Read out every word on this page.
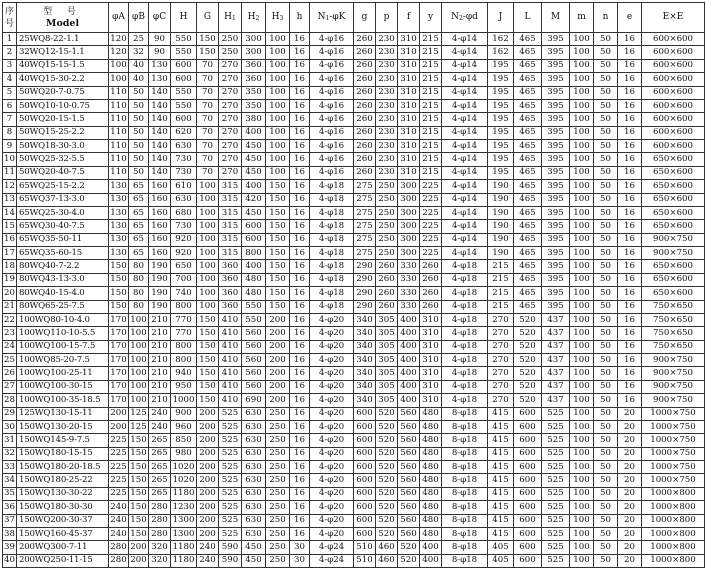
序
号	型 号
Model	φA	φB	φC	H	G	$H_1$	$H_2$	$H_3$	h	$N_1-\varphi K$	g	p	f	y	$N_2-\varphi d$	J	L	M	m	n	e	E×E
1	25WQ8-22-1.1	120	25	90	550	150	250	300	100	16	4-φ16	260	230	310	215	4-φ14	162	465	395	100	50	16	600×600
2	32WQ12-15-1.1	120	32	90	550	150	250	300	100	16	4-φ16	260	230	310	215	4-φ14	162	465	395	100	50	16	600×600
3	40WQ15-15-1.5	100	40	130	600	70	270	360	100	16	4-φ16	260	230	310	215	4-φ14	195	465	395	100	50	16	600×600
4	40WQ15-30-2.2	100	40	130	600	70	270	360	100	16	4-φ16	260	230	310	215	4-φ14	195	465	395	100	50	16	600×600
5	50WQ20-7-0.75	110	50	140	550	70	270	350	100	16	4-φ16	260	230	310	215	4-φ14	195	465	395	100	50	16	600×600
6	50WQ10-10-0.75	110	50	140	550	70	270	350	100	16	4-φ16	260	230	310	215	4-φ14	195	465	395	100	50	16	600×600
7	50WQ20-15-1.5	110	50	140	600	70	270	380	100	16	4-φ16	260	230	310	215	4-φ14	195	465	395	100	50	16	600×600
8	50WQ15-25-2.2	110	50	140	620	70	270	400	100	16	4-φ16	260	230	310	215	4-φ14	195	465	395	100	50	16	600×600
9	50WQ18-30-3.0	110	50	140	630	70	270	450	100	16	4-φ16	260	230	310	215	4-φ14	195	465	395	100	50	16	600×600
10	50WQ25-32-5.5	110	50	140	730	70	270	450	100	16	4-φ16	260	230	310	215	4-φ14	195	465	395	100	50	16	650×600
11	50WQ20-40-7.5	110	50	140	730	70	270	450	100	16	4-φ16	260	230	310	215	4-φ14	195	465	395	100	50	16	650×600
12	65WQ25-15-2.2	130	65	160	610	100	315	400	150	16	4-φ18	275	250	300	225	4-φ14	190	465	395	100	50	16	650×600
13	65WQ37-13-3.0	130	65	160	630	100	315	420	150	16	4-φ18	275	250	300	225	4-φ14	190	465	395	100	50	16	650×600
14	65WQ25-30-4.0	130	65	160	680	100	315	450	150	16	4-φ18	275	250	300	225	4-φ14	190	465	395	100	50	16	650×600
15	65WQ30-40-7.5	130	65	160	730	100	315	600	150	16	4-φ18	275	250	300	225	4-φ14	190	465	395	100	50	16	650×600
16	65WQ35-50-11	130	65	160	920	100	315	600	150	16	4-φ18	275	250	300	225	4-φ14	190	465	395	100	50	16	900×750
17	65WQ35-60-15	130	65	160	920	100	315	800	150	16	4-φ18	275	250	300	225	4-φ14	190	465	395	100	50	16	900×750
18	80WQ40-7-2.2	150	80	190	650	100	360	400	150	16	4-φ18	290	260	330	260	4-φ18	215	465	395	100	50	16	650×600
19	80WQ43-13-3.0	150	80	190	700	100	360	480	150	16	4-φ18	290	260	330	260	4-φ18	215	465	395	100	50	16	650×600
20	80WQ40-15-4.0	150	80	190	740	100	360	480	150	16	4-φ18	290	260	330	260	4-φ18	215	465	395	100	50	16	650×600
21	80WQ65-25-7.5	150	80	190	800	100	360	550	150	16	4-φ18	290	260	330	260	4-φ18	215	465	395	100	50	16	750×650
22	100WQ80-10-4.0	170	100	210	770	150	410	550	200	16	4-φ20	340	305	400	310	4-φ18	270	520	437	100	50	16	750×650
23	100WQ110-10-5.5	170	100	210	770	150	410	560	200	16	4-φ20	340	305	400	310	4-φ18	270	520	437	100	50	16	750×650
24	100WQ100-15-7.5	170	100	210	800	150	410	560	200	16	4-φ20	340	305	400	310	4-φ18	270	520	437	100	50	16	750×650
25	100WQ85-20-7.5	170	100	210	800	150	410	560	200	16	4-φ20	340	305	400	310	4-φ18	270	520	437	100	50	16	900×750
26	100WQ100-25-11	170	100	210	940	150	410	560	200	16	4-φ20	340	305	400	310	4-φ18	270	520	437	100	50	16	900×750
27	100WQ100-30-15	170	100	210	950	150	410	560	200	16	4-φ20	340	305	400	310	4-φ18	270	520	437	100	50	16	900×750
28	100WQ100-35-18.5	170	100	210	1000	150	410	690	200	16	4-φ20	340	305	400	310	4-φ18	270	520	437	100	50	16	900×750
29	125WQ130-15-11	200	125	240	900	200	525	630	250	16	4-φ20	600	520	560	480	8-φ18	415	600	525	100	50	20	1000×750
30	150WQ130-20-15	200	125	240	960	200	525	630	250	16	4-φ20	600	520	560	480	8-φ18	415	600	525	100	50	20	1000×750
31	150WQ145-9-7.5	225	150	265	850	200	525	630	250	16	4-φ20	600	520	560	480	8-φ18	415	600	525	100	50	20	1000×750
32	150WQ180-15-15	225	150	265	980	200	525	630	250	16	4-φ20	600	520	560	480	8-φ18	415	600	525	100	50	20	1000×750
33	150WQ180-20-18.5	225	150	265	1020	200	525	630	250	16	4-φ20	600	520	560	480	8-φ18	415	600	525	100	50	20	1000×750
34	150WQ180-25-22	225	150	265	1020	200	525	630	250	16	4-φ20	600	520	560	480	8-φ18	415	600	525	100	50	20	1000×750
35	150WQ130-30-22	225	150	265	1180	200	525	630	250	16	4-φ20	600	520	560	480	8-φ18	415	600	525	100	50	20	1000×800
36	150WQ180-30-30	240	150	280	1230	200	525	630	250	16	4-φ20	600	520	560	480	8-φ18	415	600	525	100	50	20	1000×800
37	150WQ200-30-37	240	150	280	1300	200	525	630	250	16	4-φ20	600	520	560	480	8-φ18	415	600	525	100	50	20	1000×800
38	150WQ160-45-37	240	150	280	1300	200	525	630	250	16	4-φ20	600	520	560	480	8-φ18	415	600	525	100	50	20	1000×800
39	200WQ300-7-11	280	200	320	1180	240	590	450	250	30	4-φ24	510	460	520	400	8-φ18	405	600	525	100	50	20	1000×800
40	200WQ250-11-15	280	200	320	1180	240	590	450	250	30	4-φ24	510	460	520	400	8-φ18	405	600	525	100	50	20	1000×800
